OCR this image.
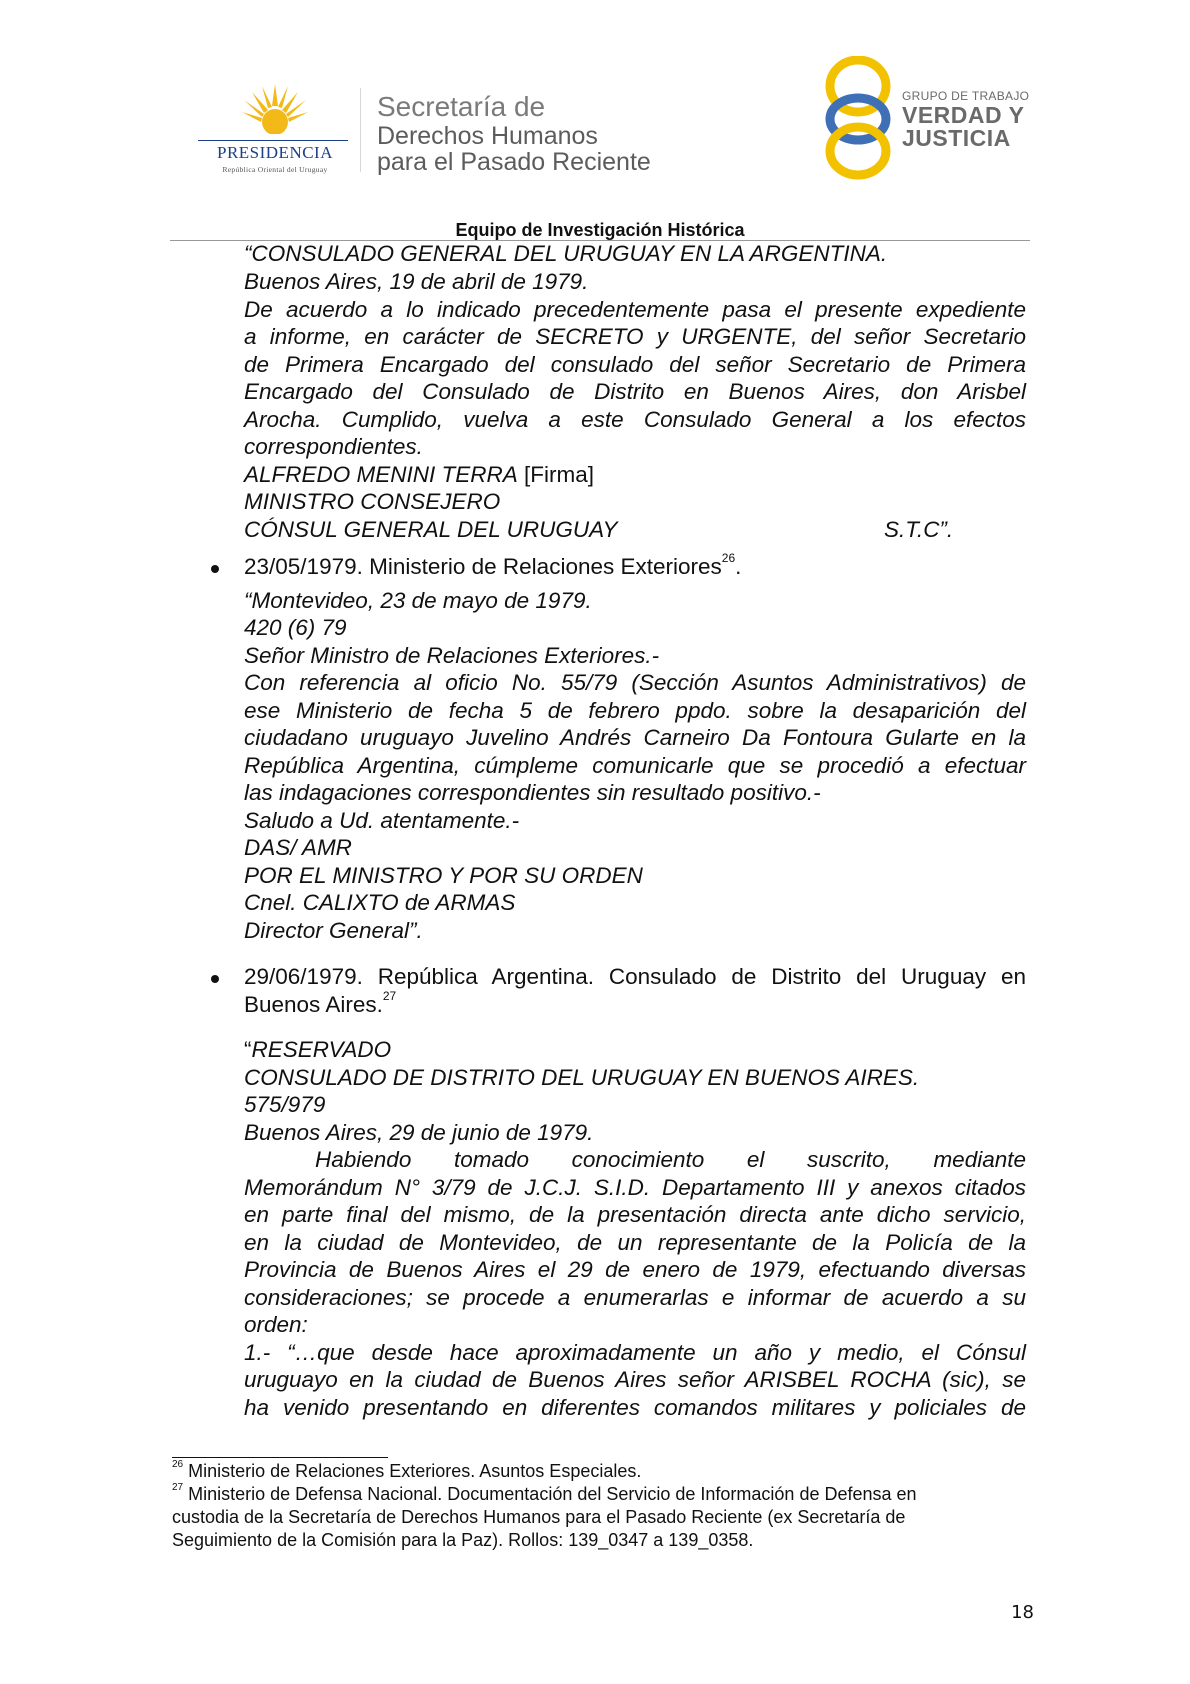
PRESIDENCIA
República Oriental del Uruguay
Secretaría de
Derechos Humanos
para el Pasado Reciente
GRUPO DE TRABAJO
VERDAD Y
JUSTICIA
Equipo de Investigación Histórica
“CONSULADO GENERAL DEL URUGUAY EN LA ARGENTINA.
Buenos Aires, 19 de abril de 1979.
De acuerdo a lo indicado precedentemente pasa el presente expediente
a informe, en carácter de SECRETO y URGENTE, del señor Secretario
de Primera Encargado del consulado del señor Secretario de Primera
Encargado del Consulado de Distrito en Buenos Aires, don Arisbel
Arocha. Cumplido, vuelva a este Consulado General a los efectos
correspondientes.
ALFREDO MENINI TERRA [Firma]
MINISTRO CONSEJERO
CÓNSUL GENERAL DEL URUGUAY	S.T.C”.
23/05/1979. Ministerio de Relaciones Exteriores$^{26}$.
“Montevideo, 23 de mayo de 1979.
420 (6) 79
Señor Ministro de Relaciones Exteriores.-
Con referencia al oficio No. 55/79 (Sección Asuntos Administrativos) de
ese Ministerio de fecha 5 de febrero ppdo. sobre la desaparición del
ciudadano uruguayo Juvelino Andrés Carneiro Da Fontoura Gularte en la
República Argentina, cúmpleme comunicarle que se procedió a efectuar
las indagaciones correspondientes sin resultado positivo.-
Saludo a Ud. atentamente.-
DAS/ AMR
POR EL MINISTRO Y POR SU ORDEN
Cnel. CALIXTO de ARMAS
Director General”.
29/06/1979. República Argentina. Consulado de Distrito del Uruguay en
Buenos Aires.$^{27}$
“RESERVADO
CONSULADO DE DISTRITO DEL URUGUAY EN BUENOS AIRES.
575/979
Buenos Aires, 29 de junio de 1979.
Habiendo tomado conocimiento el suscrito, mediante
Memorándum N° 3/79 de J.C.J. S.I.D. Departamento III y anexos citados
en parte final del mismo, de la presentación directa ante dicho servicio,
en la ciudad de Montevideo, de un representante de la Policía de la
Provincia de Buenos Aires el 29 de enero de 1979, efectuando diversas
consideraciones; se procede a enumerarlas e informar de acuerdo a su
orden:
1.- “…que desde hace aproximadamente un año y medio, el Cónsul
uruguayo en la ciudad de Buenos Aires señor ARISBEL ROCHA (sic), se
ha venido presentando en diferentes comandos militares y policiales de
$^{26}$ Ministerio de Relaciones Exteriores. Asuntos Especiales.
$^{27}$ Ministerio de Defensa Nacional. Documentación del Servicio de Información de Defensa en
custodia de la Secretaría de Derechos Humanos para el Pasado Reciente (ex Secretaría de
Seguimiento de la Comisión para la Paz). Rollos: 139_0347 a 139_0358.
18
